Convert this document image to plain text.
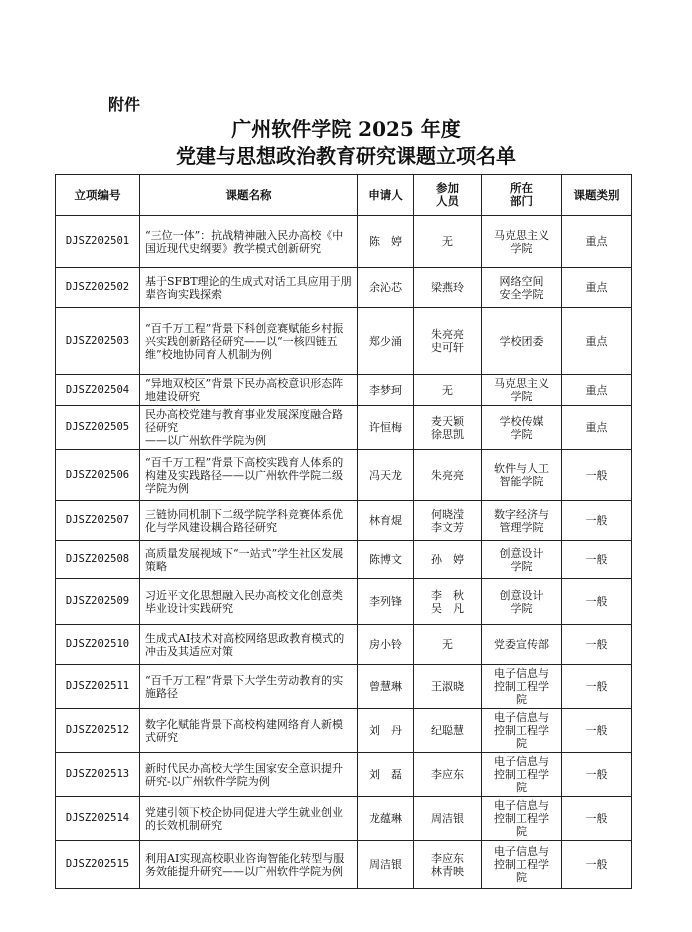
附件
广州软件学院 2025 年度
党建与思想政治教育研究课题立项名单
立项编号	课题名称	申请人	参加
人员	所在
部门	课题类别
DJSZ202501	“三位一体”：抗战精神融入民办高校《中国近现代史纲要》教学模式创新研究	陈　婷	无	马克思主义
学院	重点
DJSZ202502	基于SFBT理论的生成式对话工具应用于朋辈咨询实践探索	余沁芯	梁燕玲	网络空间
安全学院	重点
DJSZ202503	“百千万工程”背景下科创竞赛赋能乡村振兴实践创新路径研究——以“一核四链五维”校地协同育人机制为例	郑少涌	朱亮亮
史可轩	学校团委	重点
DJSZ202504	“异地双校区”背景下民办高校意识形态阵地建设研究	李梦珂	无	马克思主义
学院	重点
DJSZ202505	民办高校党建与教育事业发展深度融合路径研究
——以广州软件学院为例	许恒梅	麦天颖
徐思凯	学校传媒
学院	重点
DJSZ202506	“百千万工程”背景下高校实践育人体系的构建及实践路径——以广州软件学院二级学院为例	冯天龙	朱亮亮	软件与人工
智能学院	一般
DJSZ202507	三链协同机制下二级学院学科竞赛体系优化与学风建设耦合路径研究	林育焜	何晓滢
李文芳	数字经济与
管理学院	一般
DJSZ202508	高质量发展视域下“一站式”学生社区发展策略	陈博文	孙　婷	创意设计
学院	一般
DJSZ202509	习近平文化思想融入民办高校文化创意类毕业设计实践研究	李列锋	李　秋
吴　凡	创意设计
学院	一般
DJSZ202510	生成式AI技术对高校网络思政教育模式的冲击及其适应对策	房小铃	无	党委宣传部	一般
DJSZ202511	“百千万工程”背景下大学生劳动教育的实施路径	曾慧琳	王淑晓	电子信息与
控制工程学
院	一般
DJSZ202512	数字化赋能背景下高校构建网络育人新模式研究	刘　丹	纪聪慧	电子信息与
控制工程学
院	一般
DJSZ202513	新时代民办高校大学生国家安全意识提升研究-以广州软件学院为例	刘　磊	李应东	电子信息与
控制工程学
院	一般
DJSZ202514	党建引领下校企协同促进大学生就业创业的长效机制研究	龙蕴琳	周洁银	电子信息与
控制工程学
院	一般
DJSZ202515	利用AI实现高校职业咨询智能化转型与服务效能提升研究——以广州软件学院为例	周洁银	李应东
林青映	电子信息与
控制工程学
院	一般
